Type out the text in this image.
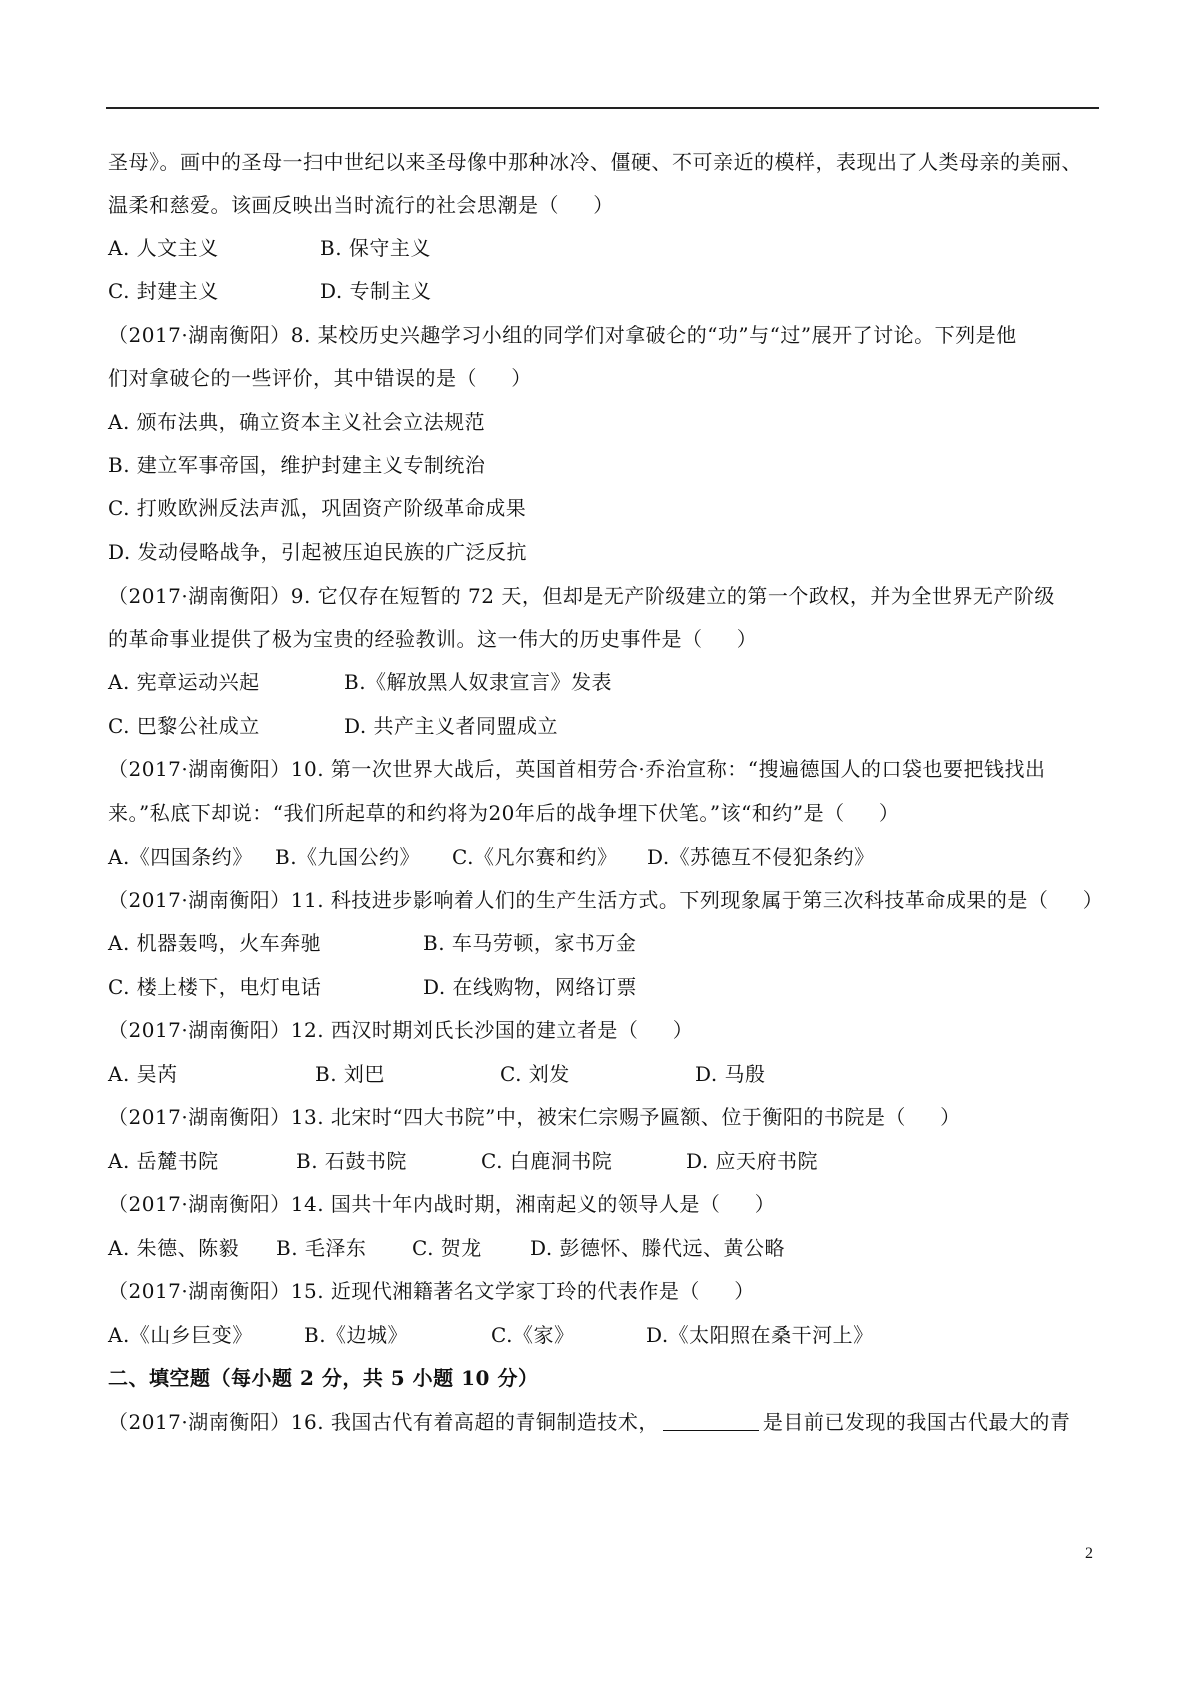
圣母》。画中的圣母一扫中世纪以来圣母像中那种冰冷、僵硬、不可亲近的模样，表现出了人类母亲的美丽、
温柔和慈爱。该画反映出当时流行的社会思潮是（     ）
A. 人文主义	B. 保守主义
C. 封建主义	D. 专制主义
（2017·湖南衡阳）8. 某校历史兴趣学习小组的同学们对拿破仑的“功”与“过”展开了讨论。下列是他
们对拿破仑的一些评价，其中错误的是（     ）
A. 颁布法典，确立资本主义社会立法规范
B. 建立军事帝国，维护封建主义专制统治
C. 打败欧洲反法声泒，巩固资产阶级革命成果
D. 发动侵略战争，引起被压迫民族的广泛反抗
（2017·湖南衡阳）9. 它仅存在短暂的 72 天，但却是无产阶级建立的第一个政权，并为全世界无产阶级
的革命事业提供了极为宝贵的经验教训。这一伟大的历史事件是（     ）
A. 宪章运动兴起	B.《解放黑人奴隶宣言》发表
C. 巴黎公社成立	D. 共产主义者同盟成立
（2017·湖南衡阳）10. 第一次世界大战后，英国首相劳合·乔治宣称：“搜遍德国人的口袋也要把钱找出
来。”私底下却说：“我们所起草的和约将为20年后的战争埋下伏笔。”该“和约”是（     ）
A.《四国条约》 B.《九国公约》 C.《凡尔赛和约》 D.《苏德互不侵犯条约》
（2017·湖南衡阳）11. 科技进步影响着人们的生产生活方式。下列现象属于第三次科技革命成果的是（     ）
A. 机器轰鸣，火车奔驰	B. 车马劳顿，家书万金
C. 楼上楼下，电灯电话	D. 在线购物，网络订票
（2017·湖南衡阳）12. 西汉时期刘氏长沙国的建立者是（     ）
A. 吴芮	B. 刘巴	C. 刘发	D. 马殷
（2017·湖南衡阳）13. 北宋时“四大书院”中，被宋仁宗赐予匾额、位于衡阳的书院是（     ）
A. 岳麓书院	B. 石鼓书院	C. 白鹿洞书院	D. 应天府书院
（2017·湖南衡阳）14. 国共十年内战时期，湘南起义的领导人是（     ）
A. 朱德、陈毅 B. 毛泽东 C. 贺龙 D. 彭德怀、滕代远、黄公略
（2017·湖南衡阳）15. 近现代湘籍著名文学家丁玲的代表作是（     ）
A.《山乡巨变》	B.《边城》	C.《家》	D.《太阳照在桑干河上》
二、填空题（每小题 2 分，共 5 小题 10 分）
（2017·湖南衡阳）16. 我国古代有着高超的青铜制造技术，	是目前已发现的我国古代最大的青
2
